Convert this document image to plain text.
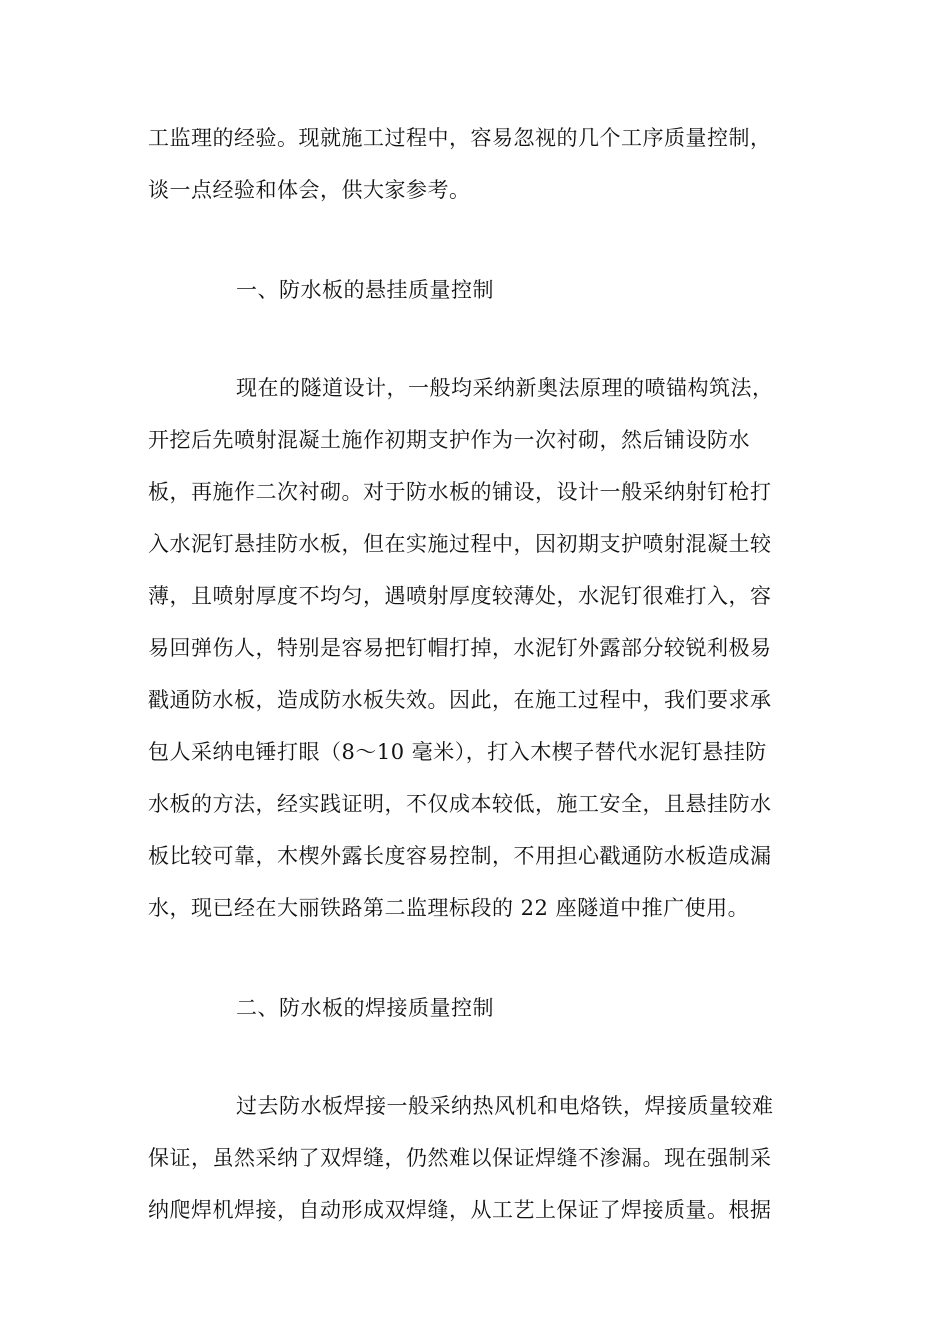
工监理的经验。现就施工过程中，容易忽视的几个工序质量控制，
谈一点经验和体会，供大家参考。
一、防水板的悬挂质量控制
现在的隧道设计，一般均采纳新奥法原理的喷锚构筑法，
开挖后先喷射混凝土施作初期支护作为一次衬砌，然后铺设防水
板，再施作二次衬砌。对于防水板的铺设，设计一般采纳射钉枪打
入水泥钉悬挂防水板，但在实施过程中，因初期支护喷射混凝土较
薄，且喷射厚度不均匀，遇喷射厚度较薄处，水泥钉很难打入，容
易回弹伤人，特别是容易把钉帽打掉，水泥钉外露部分较锐利极易
戳通防水板，造成防水板失效。因此，在施工过程中，我们要求承
包人采纳电锤打眼（8～10 毫米），打入木楔子替代水泥钉悬挂防
水板的方法，经实践证明，不仅成本较低，施工安全，且悬挂防水
板比较可靠，木楔外露长度容易控制，不用担心戳通防水板造成漏
水，现已经在大丽铁路第二监理标段的 22 座隧道中推广使用。
二、防水板的焊接质量控制
过去防水板焊接一般采纳热风机和电烙铁，焊接质量较难
保证，虽然采纳了双焊缝，仍然难以保证焊缝不渗漏。现在强制采
纳爬焊机焊接，自动形成双焊缝，从工艺上保证了焊接质量。根据
